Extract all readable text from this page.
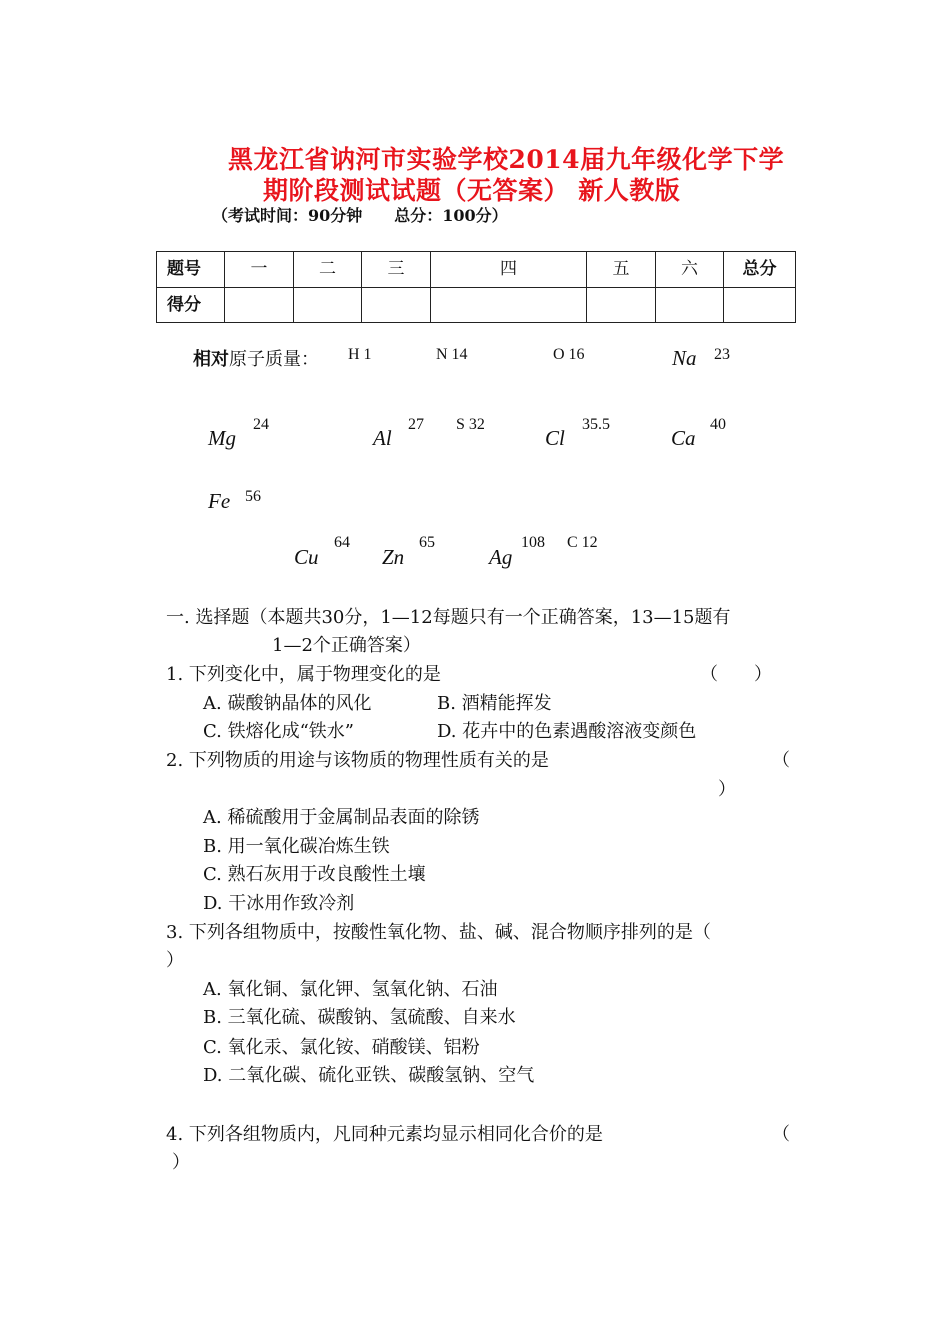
黑龙江省讷河市实验学校2014届九年级化学下学
期阶段测试试题（无答案） 新人教版
（考试时间：90分钟　　总分：100分）
题号	一	二	三	四	五	六	总分
得分							
相对原子质量： H 1	N 14	O 16	Na 23
Mg
24
Al
27 S 32
Cl
35.5
Ca
40
Fe 56
Cu
64
Zn
65
Ag
108 C 12
一. 选择题（本题共30分，1—12每题只有一个正确答案，13—15题有
1—2个正确答案）
1. 下列变化中，属于物理变化的是	（　　）
A. 碳酸钠晶体的风化	B. 酒精能挥发
C. 铁熔化成“铁水”	D. 花卉中的色素遇酸溶液变颜色
2. 下列物质的用途与该物质的物理性质有关的是	（
）
A. 稀硫酸用于金属制品表面的除锈
B. 用一氧化碳冶炼生铁
C. 熟石灰用于改良酸性土壤
D. 干冰用作致冷剂
3. 下列各组物质中，按酸性氧化物、盐、碱、混合物顺序排列的是（
）
A. 氧化铜、氯化钾、氢氧化钠、石油
B. 三氧化硫、碳酸钠、氢硫酸、自来水
C. 氧化汞、氯化铵、硝酸镁、铝粉
D. 二氧化碳、硫化亚铁、碳酸氢钠、空气
4. 下列各组物质内，凡同种元素均显示相同化合价的是	（
）
